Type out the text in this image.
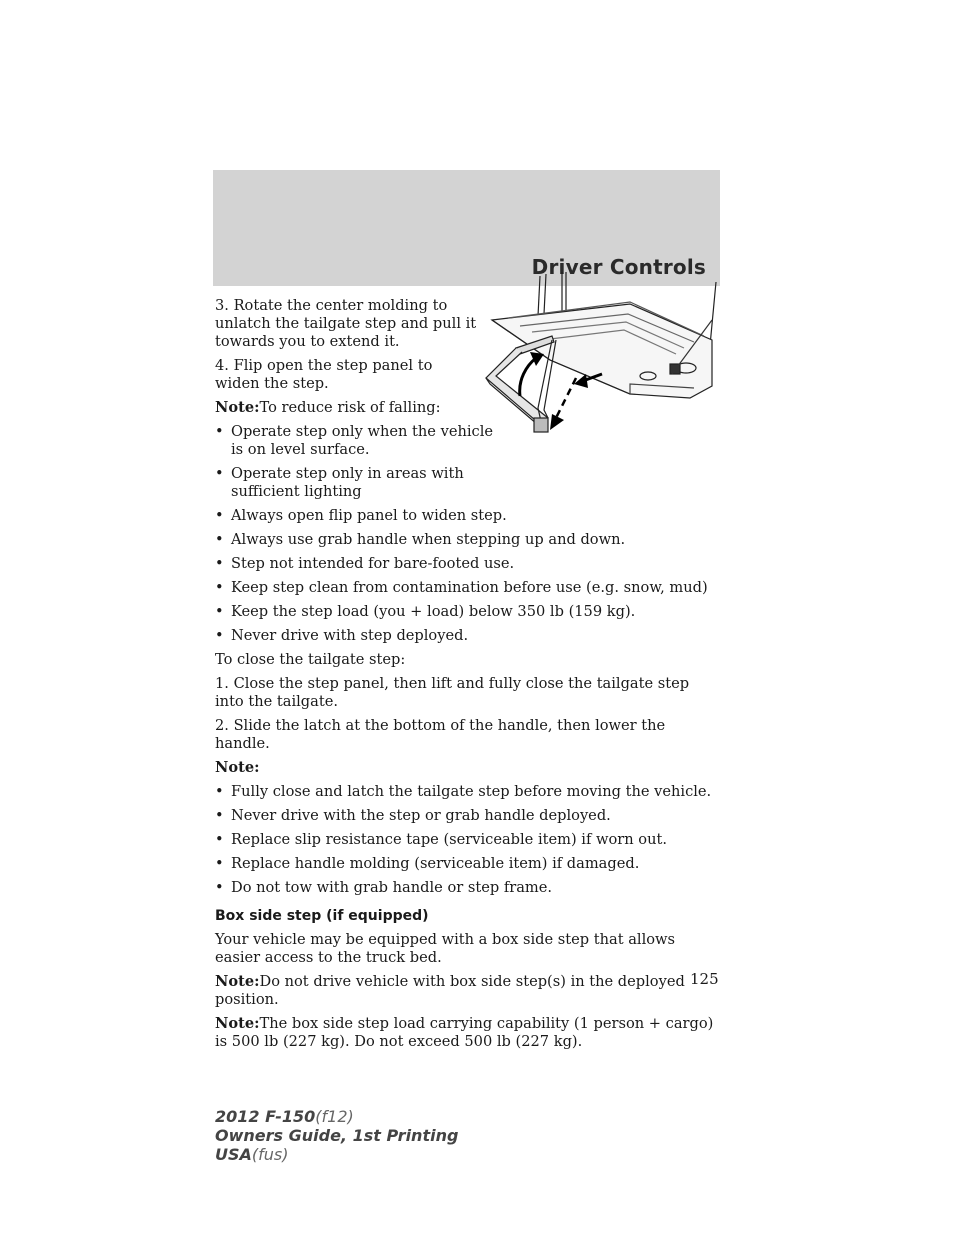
Driver Controls

3. Rotate the center molding to unlatch the tailgate step and pull it towards you to extend it.

4. Flip open the step panel to widen the step.

Note:To reduce risk of falling:

• Operate step only when the vehicle is on level surface.
• Operate step only in areas with sufficient lighting
• Always open flip panel to widen step.
• Always use grab handle when stepping up and down.
• Step not intended for bare-footed use.
• Keep step clean from contamination before use (e.g. snow, mud)
• Keep the step load (you + load) below 350 lb (159 kg).
• Never drive with step deployed.

To close the tailgate step:

1. Close the step panel, then lift and fully close the tailgate step into the tailgate.

2. Slide the latch at the bottom of the handle, then lower the handle.

Note:

• Fully close and latch the tailgate step before moving the vehicle.
• Never drive with the step or grab handle deployed.
• Replace slip resistance tape (serviceable item) if worn out.
• Replace handle molding (serviceable item) if damaged.
• Do not tow with grab handle or step frame.
Box side step (if equipped)

Your vehicle may be equipped with a box side step that allows easier access to the truck bed.

Note:Do not drive vehicle with box side step(s) in the deployed position.

Note:The box side step load carrying capability (1 person + cargo) is 500 lb (227 kg). Do not exceed 500 lb (227 kg).

125
2012 F-150(f12)
Owners Guide, 1st Printing
USA(fus)
